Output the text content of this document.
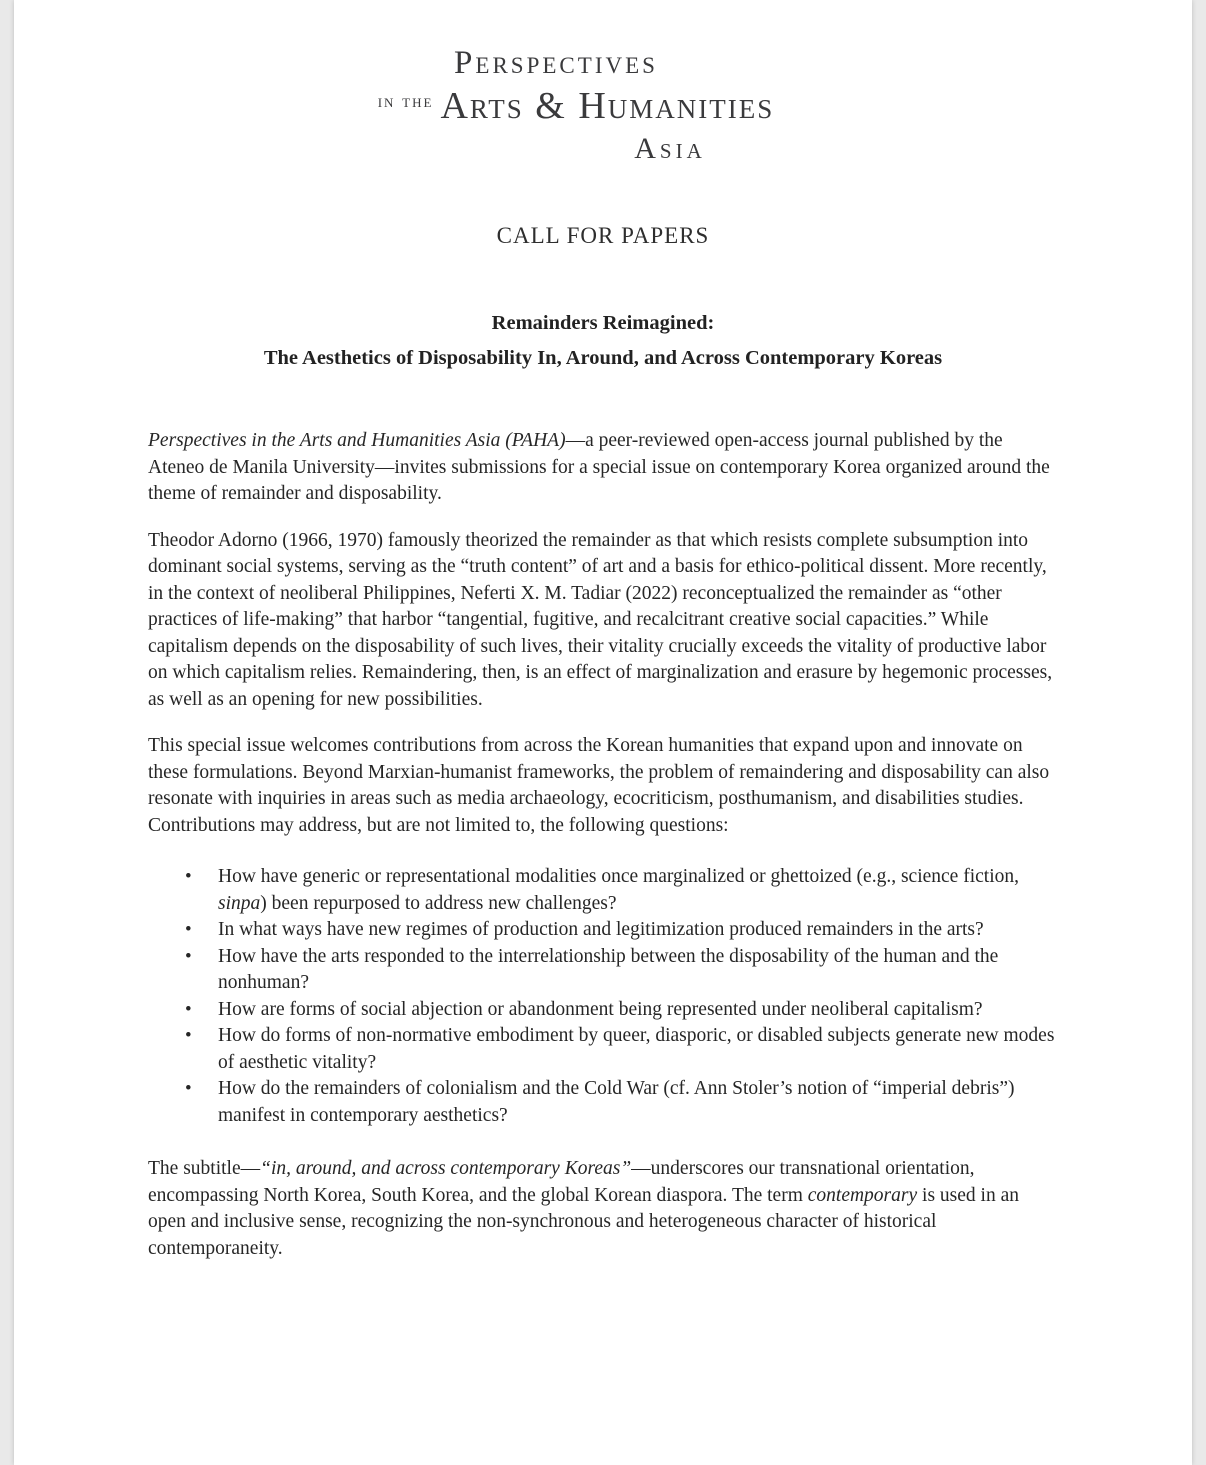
Perspectives
$^{in the}$ Arts & Humanities
Asia
CALL FOR PAPERS
Remainders Reimagined:
The Aesthetics of Disposability In, Around, and Across Contemporary Koreas

Perspectives in the Arts and Humanities Asia (PAHA)—a peer-reviewed open-access journal published by the Ateneo de Manila University—invites submissions for a special issue on contemporary Korea organized around the theme of remainder and disposability.

Theodor Adorno (1966, 1970) famously theorized the remainder as that which resists complete subsumption into dominant social systems, serving as the “truth content” of art and a basis for ethico-political dissent. More recently, in the context of neoliberal Philippines, Neferti X. M. Tadiar (2022) reconceptualized the remainder as “other practices of life-making” that harbor “tangential, fugitive, and recalcitrant creative social capacities.” While capitalism depends on the disposability of such lives, their vitality crucially exceeds the vitality of productive labor on which capitalism relies. Remaindering, then, is an effect of marginalization and erasure by hegemonic processes, as well as an opening for new possibilities.

This special issue welcomes contributions from across the Korean humanities that expand upon and innovate on these formulations. Beyond Marxian-humanist frameworks, the problem of remaindering and disposability can also resonate with inquiries in areas such as media archaeology, ecocriticism, posthumanism, and disabilities studies. Contributions may address, but are not limited to, the following questions:

• How have generic or representational modalities once marginalized or ghettoized (e.g., science fiction, sinpa) been repurposed to address new challenges?
• In what ways have new regimes of production and legitimization produced remainders in the arts?
• How have the arts responded to the interrelationship between the disposability of the human and the nonhuman?
• How are forms of social abjection or abandonment being represented under neoliberal capitalism?
• How do forms of non-normative embodiment by queer, diasporic, or disabled subjects generate new modes of aesthetic vitality?
• How do the remainders of colonialism and the Cold War (cf. Ann Stoler’s notion of “imperial debris”) manifest in contemporary aesthetics?

The subtitle—“in, around, and across contemporary Koreas”—underscores our transnational orientation, encompassing North Korea, South Korea, and the global Korean diaspora. The term contemporary is used in an open and inclusive sense, recognizing the non-synchronous and heterogeneous character of historical contemporaneity.
